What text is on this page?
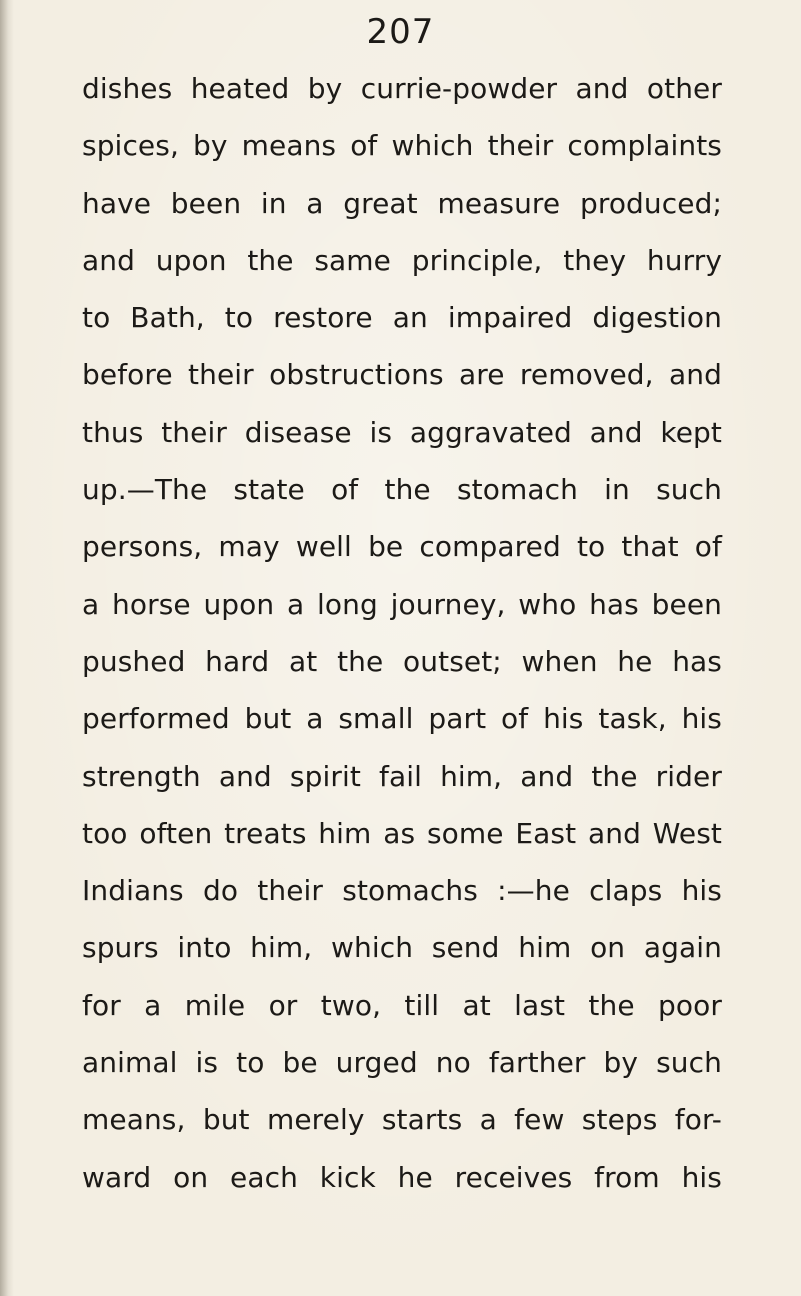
207
dishes heated by currie-powder and other
spices, by means of which their complaints
have been in a great measure produced;
and upon the same principle, they hurry
to Bath, to restore an impaired digestion
before their obstructions are removed, and
thus their disease is aggravated and kept
up.—The state of the stomach in such
persons, may well be compared to that of
a horse upon a long journey, who has been
pushed hard at the outset; when he has
performed but a small part of his task, his
strength and spirit fail him, and the rider
too often treats him as some East and West
Indians do their stomachs :—he claps his
spurs into him, which send him on again
for a mile or two, till at last the poor
animal is to be urged no farther by such
means, but merely starts a few steps for-
ward on each kick he receives from his
